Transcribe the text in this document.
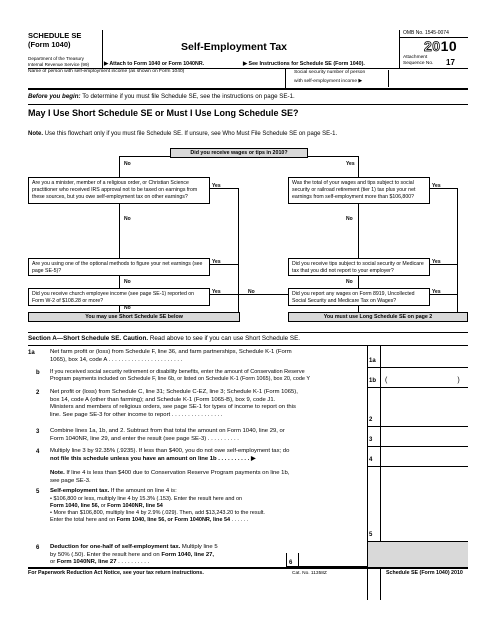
SCHEDULE SE
(Form 1040)
Department of the Treasury
Internal Revenue Service (99)
Self-Employment Tax
▶ Attach to Form 1040 or Form 1040NR.	▶ See Instructions for Schedule SE (Form 1040).
OMB No. 1545-0074
2010
Attachment
Sequence No. 17
Name of person with self-employment income (as shown on Form 1040)	Social security number of person
with self-employment income ▶
Before you begin: To determine if you must file Schedule SE, see the instructions on page SE-1.
May I Use Short Schedule SE or Must I Use Long Schedule SE?
Note. Use this flowchart only if you must file Schedule SE. If unsure, see Who Must File Schedule SE on page SE-1.
Did you receive wages or tips in 2010?
No	Yes
Are you a minister, member of a religious order, or Christian Science practitioner who received IRS approval not to be taxed on earnings from these sources, but you owe self-employment tax on other earnings?
Yes
No
Are you using one of the optional methods to figure your net earnings (see page SE-5)?
Yes
No
Did you receive church employee income (see page SE-1) reported on Form W-2 of $108.28 or more?
Yes
No
Was the total of your wages and tips subject to social security or railroad retirement (tier 1) tax plus your net earnings from self-employment more than $106,800?
Yes
No
Did you receive tips subject to social security or Medicare tax that you did not report to your employer?
Yes
No
Did you report any wages on Form 8919, Uncollected Social Security and Medicare Tax on Wages?
Yes
No
You may use Short Schedule SE below	You must use Long Schedule SE on page 2
Section A—Short Schedule SE. Caution. Read above to see if you can use Short Schedule SE.
1a	Net farm profit or (loss) from Schedule F, line 36, and farm partnerships, Schedule K-1 (Form
1065), box 14, code A . . . . . . . . . . . . . . . . . . . . . . .	1a
b If you received social security retirement or disability benefits, enter the amount of Conservation Reserve
Program payments included on Schedule F, line 6b, or listed on Schedule K-1 (Form 1065), box 20, code Y	1b (                                    )
2 Net profit or (loss) from Schedule C, line 31; Schedule C-EZ, line 3; Schedule K-1 (Form 1065),
box 14, code A (other than farming); and Schedule K-1 (Form 1065-B), box 9, code J1.
Ministers and members of religious orders, see page SE-1 for types of income to report on this
line. See page SE-3 for other income to report . . . . . . . . . . . . . . . .
2
3 Combine lines 1a, 1b, and 2. Subtract from that total the amount on Form 1040, line 29, or
Form 1040NR, line 29, and enter the result (see page SE-3) . . . . . . . . . .	3
4 Multiply line 3 by 92.35% (.9235). If less than $400, you do not owe self-employment tax; do
not file this schedule unless you have an amount on line 1b . . . . . . . . . . ▶	4
Note. If line 4 is less than $400 due to Conservation Reserve Program payments on line 1b,
see page SE-3.
5 Self-employment tax. If the amount on line 4 is:
• $106,800 or less, multiply line 4 by 15.3% (.153). Enter the result here and on
Form 1040, line 56, or Form 1040NR, line 54
• More than $106,800, multiply line 4 by 2.9% (.029). Then, add $13,243.20 to the result.
Enter the total here and on Form 1040, line 56, or Form 1040NR, line 54 . . . . . .
5
6 Deduction for one-half of self-employment tax. Multiply line 5
by 50% (.50). Enter the result here and on Form 1040, line 27,
or Form 1040NR, line 27 . . . . . . . . . .	6
For Paperwork Reduction Act Notice, see your tax return instructions.	Cat. No. 11358Z	Schedule SE (Form 1040) 2010
